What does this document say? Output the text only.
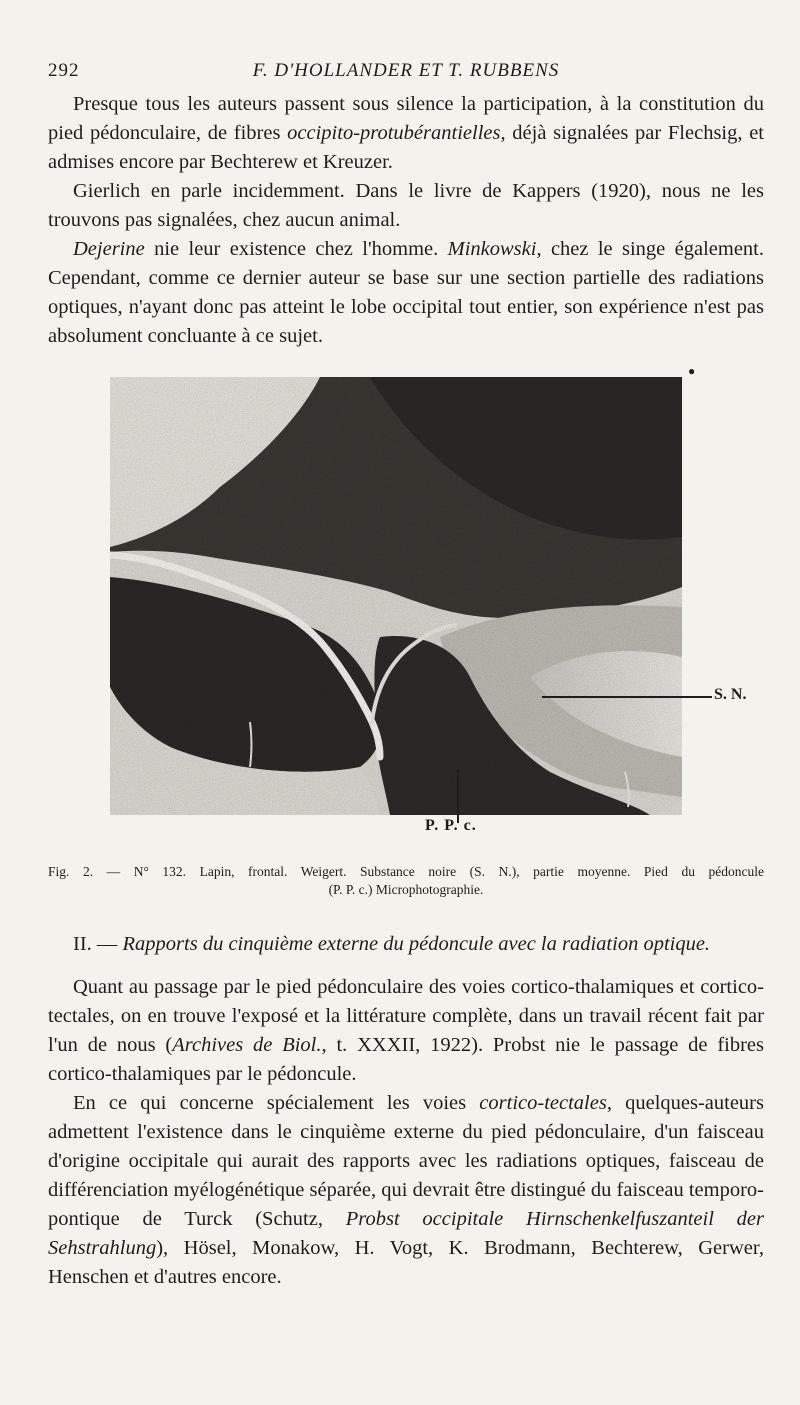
292	F. D'HOLLANDER ET T. RUBBENS

Presque tous les auteurs passent sous silence la participation, à la constitution du pied pédonculaire, de fibres occipito-protubérantielles, déjà signalées par Flechsig, et admises encore par Bechterew et Kreuzer.

Gierlich en parle incidemment. Dans le livre de Kappers (1920), nous ne les trouvons pas signalées, chez aucun animal.

Dejerine nie leur existence chez l'homme. Minkowski, chez le singe également. Cependant, comme ce dernier auteur se base sur une section partielle des radiations optiques, n'ayant donc pas atteint le lobe occipital tout entier, son expérience n'est pas absolument concluante à ce sujet.

●
S. N.
P. P. c.
Fig. 2. — N° 132. Lapin, frontal. Weigert. Substance noire (S. N.), partie moyenne. Pied du pédoncule
(P. P. c.) Microphotographie.

II. — Rapports du cinquième externe du pédoncule avec la radiation optique.

Quant au passage par le pied pédonculaire des voies cortico-thalamiques et cortico-tectales, on en trouve l'exposé et la littérature complète, dans un travail récent fait par l'un de nous (Archives de Biol., t. XXXII, 1922). Probst nie le passage de fibres cortico-thalamiques par le pédoncule.

En ce qui concerne spécialement les voies cortico-tectales, quelques-auteurs admettent l'existence dans le cinquième externe du pied pédonculaire, d'un faisceau d'origine occipitale qui aurait des rapports avec les radiations optiques, faisceau de différenciation myélogénétique séparée, qui devrait être distingué du faisceau temporo-pontique de Turck (Schutz, Probst occipitale Hirnschenkelfuszanteil der Sehstrahlung), Hösel, Monakow, H. Vogt, K. Brodmann, Bechterew, Gerwer, Henschen et d'autres encore.
